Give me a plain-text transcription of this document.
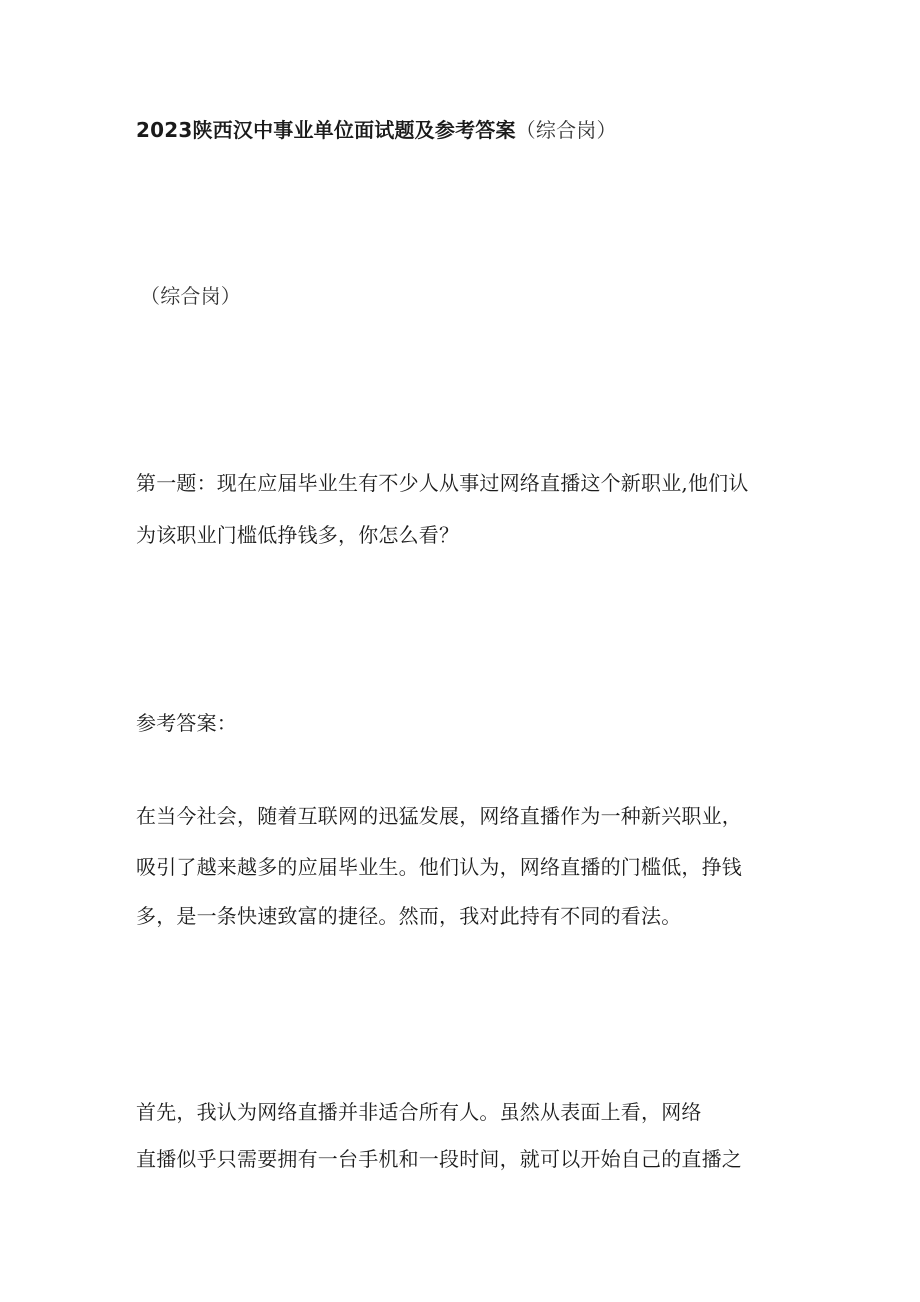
2023陕西汉中事业单位面试题及参考答案（综合岗）
（综合岗）
第一题：现在应届毕业生有不少人从事过网络直播这个新职业,他们认
为该职业门槛低挣钱多，你怎么看？
参考答案：
在当今社会，随着互联网的迅猛发展，网络直播作为一种新兴职业，
吸引了越来越多的应届毕业生。他们认为，网络直播的门槛低，挣钱
多，是一条快速致富的捷径。然而，我对此持有不同的看法。
首先，我认为网络直播并非适合所有人。虽然从表面上看，网络
直播似乎只需要拥有一台手机和一段时间，就可以开始自己的直播之
